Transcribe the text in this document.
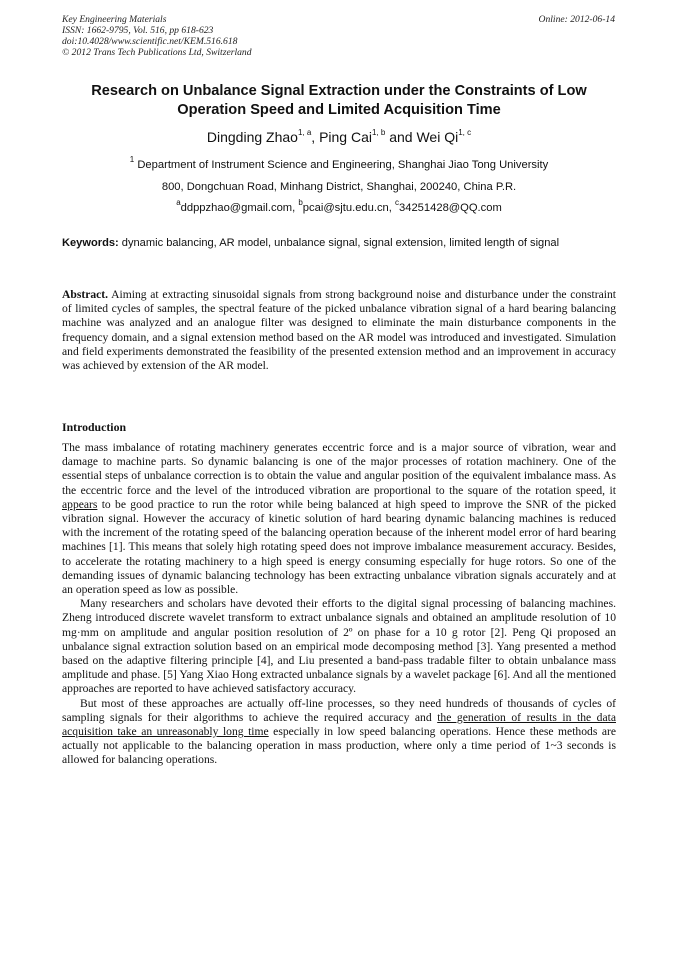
Key Engineering Materials
ISSN: 1662-9795, Vol. 516, pp 618-623
doi:10.4028/www.scientific.net/KEM.516.618
© 2012 Trans Tech Publications Ltd, Switzerland
Online: 2012-06-14
Research on Unbalance Signal Extraction under the Constraints of Low Operation Speed and Limited Acquisition Time
Dingding Zhao$^{1, a}$, Ping Cai$^{1, b}$ and Wei Qi$^{1, c}$
$^1$ Department of Instrument Science and Engineering, Shanghai Jiao Tong University
800, Dongchuan Road, Minhang District, Shanghai, 200240, China P.R.
$^a$ddppzhao@gmail.com, $^b$pcai@sjtu.edu.cn, $^c$34251428@QQ.com
Keywords: dynamic balancing, AR model, unbalance signal, signal extension, limited length of signal

Abstract. Aiming at extracting sinusoidal signals from strong background noise and disturbance under the constraint of limited cycles of samples, the spectral feature of the picked unbalance vibration signal of a hard bearing balancing machine was analyzed and an analogue filter was designed to eliminate the main disturbance components in the frequency domain, and a signal extension method based on the AR model was introduced and investigated. Simulation and field experiments demonstrated the feasibility of the presented extension method and an improvement in accuracy was achieved by extension of the AR model.

Introduction

The mass imbalance of rotating machinery generates eccentric force and is a major source of vibration, wear and damage to machine parts. So dynamic balancing is one of the major processes of rotation machinery. One of the essential steps of unbalance correction is to obtain the value and angular position of the equivalent imbalance mass. As the eccentric force and the level of the introduced vibration are proportional to the square of the rotation speed, it appears to be good practice to run the rotor while being balanced at high speed to improve the SNR of the picked vibration signal. However the accuracy of kinetic solution of hard bearing dynamic balancing machines is reduced with the increment of the rotating speed of the balancing operation because of the inherent model error of hard bearing machines [1]. This means that solely high rotating speed does not improve imbalance measurement accuracy. Besides, to accelerate the rotating machinery to a high speed is energy consuming especially for huge rotors. So one of the demanding issues of dynamic balancing technology has been extracting unbalance vibration signals accurately and at an operation speed as low as possible.

Many researchers and scholars have devoted their efforts to the digital signal processing of balancing machines. Zheng introduced discrete wavelet transform to extract unbalance signals and obtained an amplitude resolution of 10 mg·mm on amplitude and angular position resolution of 2º on phase for a 10 g rotor [2]. Peng Qi proposed an unbalance signal extraction solution based on an empirical mode decomposing method [3]. Yang presented a method based on the adaptive filtering principle [4], and Liu presented a band-pass tradable filter to obtain unbalance mass amplitude and phase. [5] Yang Xiao Hong extracted unbalance signals by a wavelet package [6]. And all the mentioned approaches are reported to have achieved satisfactory accuracy.

But most of these approaches are actually off-line processes, so they need hundreds of thousands of cycles of sampling signals for their algorithms to achieve the required accuracy and the generation of results in the data acquisition take an unreasonably long time especially in low speed balancing operations. Hence these methods are actually not applicable to the balancing operation in mass production, where only a time period of 1~3 seconds is allowed for balancing operations.
